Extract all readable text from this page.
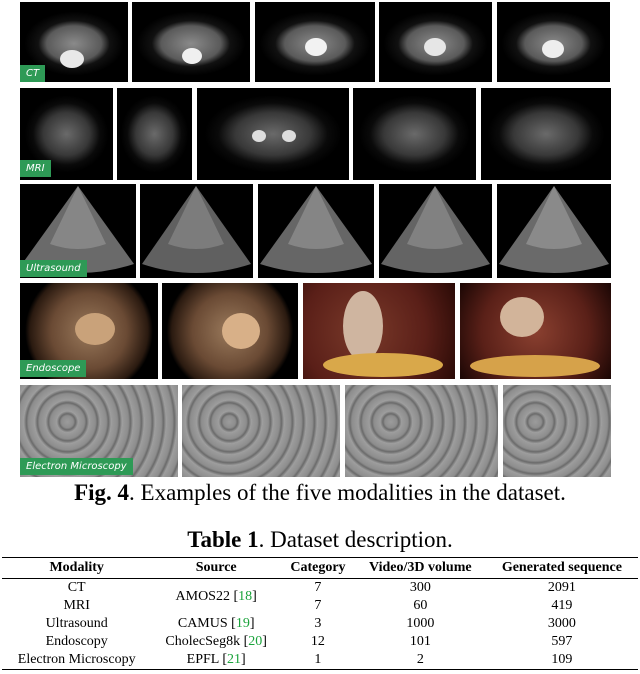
CT
MRI
Ultrasound
Endoscope
Electron Microscopy
Fig. 4. Examples of the five modalities in the dataset.
Table 1. Dataset description.
Modality	Source	Category	Video/3D volume	Generated sequence
CT	AMOS22 [18]	7	300	2091
MRI		7	60	419
Ultrasound	CAMUS [19]	3	1000	3000
Endoscopy	CholecSeg8k [20]	12	101	597
Electron Microscopy	EPFL [21]	1	2	109
